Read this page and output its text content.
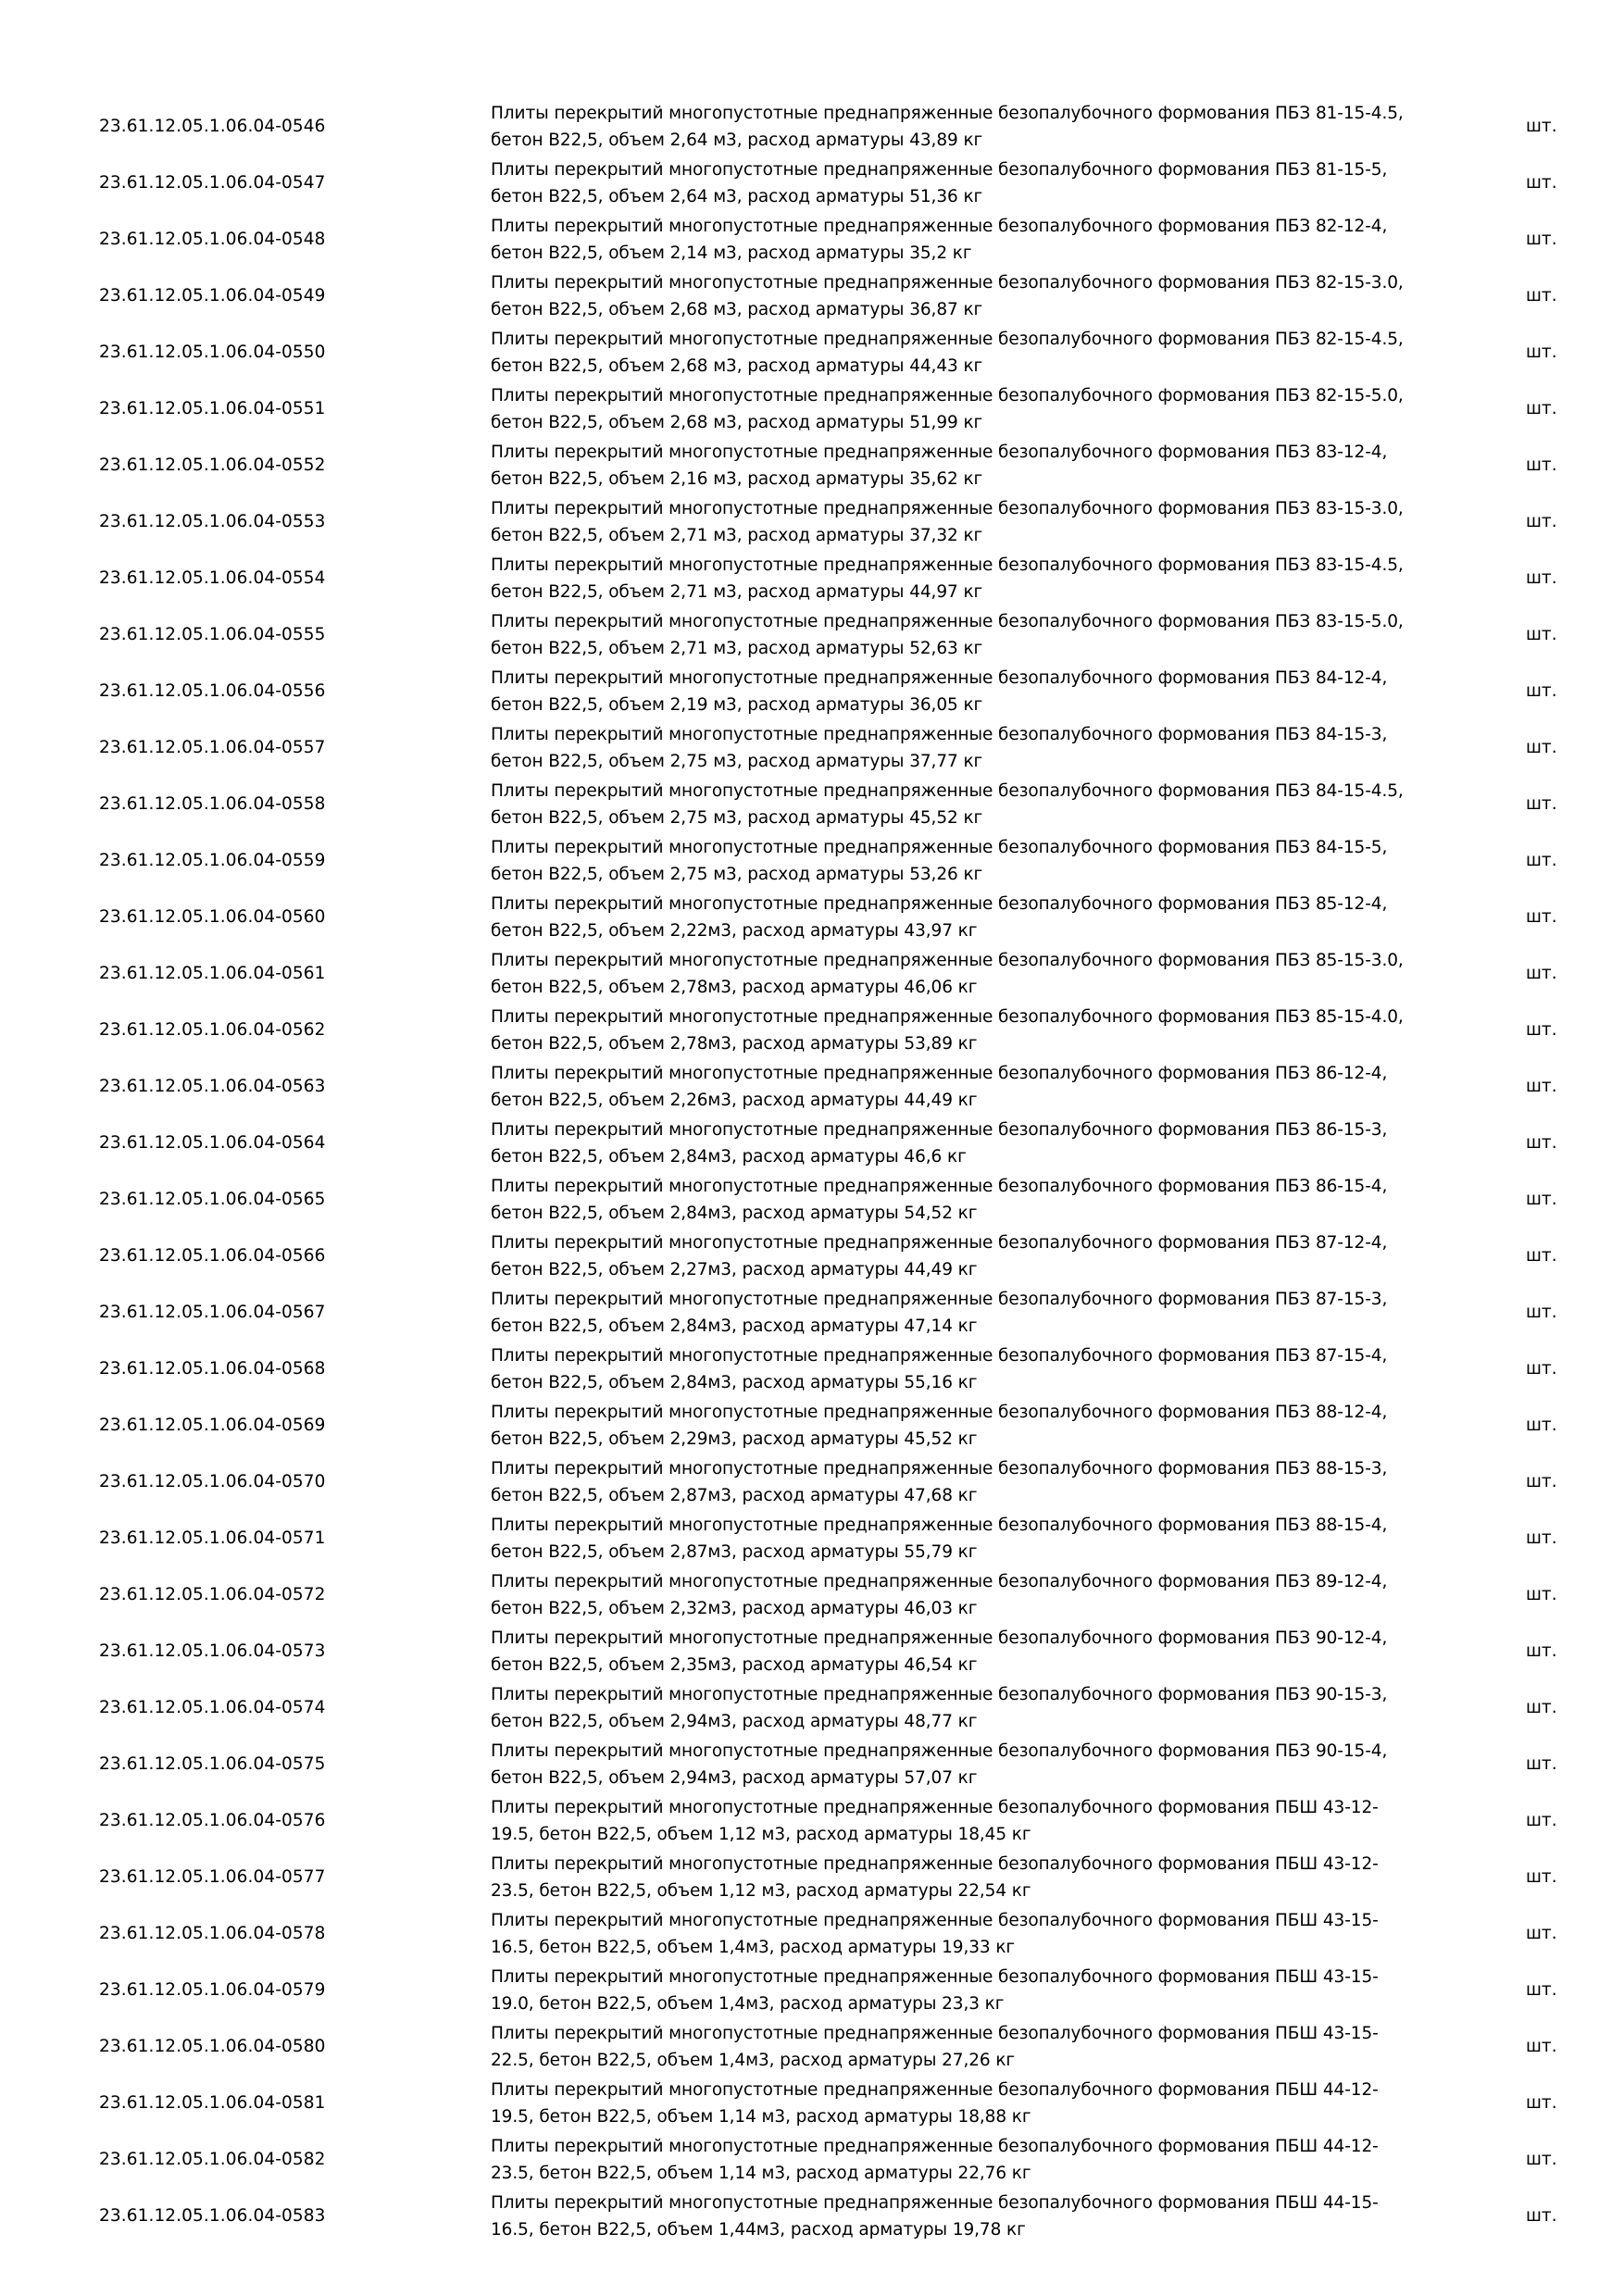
23.61.12.05.1.06.04-0546
Плиты перекрытий многопустотные преднапряженные безопалубочного формования ПБЗ 81-15-4.5,
бетон В22,5, объем 2,64 м3, расход арматуры 43,89 кг
шт.
23.61.12.05.1.06.04-0547
Плиты перекрытий многопустотные преднапряженные безопалубочного формования ПБЗ 81-15-5,
бетон В22,5, объем 2,64 м3, расход арматуры 51,36 кг
шт.
23.61.12.05.1.06.04-0548
Плиты перекрытий многопустотные преднапряженные безопалубочного формования ПБЗ 82-12-4,
бетон В22,5, объем 2,14 м3, расход арматуры 35,2 кг
шт.
23.61.12.05.1.06.04-0549
Плиты перекрытий многопустотные преднапряженные безопалубочного формования ПБЗ 82-15-3.0,
бетон В22,5, объем 2,68 м3, расход арматуры 36,87 кг
шт.
23.61.12.05.1.06.04-0550
Плиты перекрытий многопустотные преднапряженные безопалубочного формования ПБЗ 82-15-4.5,
бетон В22,5, объем 2,68 м3, расход арматуры 44,43 кг
шт.
23.61.12.05.1.06.04-0551
Плиты перекрытий многопустотные преднапряженные безопалубочного формования ПБЗ 82-15-5.0,
бетон В22,5, объем 2,68 м3, расход арматуры 51,99 кг
шт.
23.61.12.05.1.06.04-0552
Плиты перекрытий многопустотные преднапряженные безопалубочного формования ПБЗ 83-12-4,
бетон В22,5, объем 2,16 м3, расход арматуры 35,62 кг
шт.
23.61.12.05.1.06.04-0553
Плиты перекрытий многопустотные преднапряженные безопалубочного формования ПБЗ 83-15-3.0,
бетон В22,5, объем 2,71 м3, расход арматуры 37,32 кг
шт.
23.61.12.05.1.06.04-0554
Плиты перекрытий многопустотные преднапряженные безопалубочного формования ПБЗ 83-15-4.5,
бетон В22,5, объем 2,71 м3, расход арматуры 44,97 кг
шт.
23.61.12.05.1.06.04-0555
Плиты перекрытий многопустотные преднапряженные безопалубочного формования ПБЗ 83-15-5.0,
бетон В22,5, объем 2,71 м3, расход арматуры 52,63 кг
шт.
23.61.12.05.1.06.04-0556
Плиты перекрытий многопустотные преднапряженные безопалубочного формования ПБЗ 84-12-4,
бетон В22,5, объем 2,19 м3, расход арматуры 36,05 кг
шт.
23.61.12.05.1.06.04-0557
Плиты перекрытий многопустотные преднапряженные безопалубочного формования ПБЗ 84-15-3,
бетон В22,5, объем 2,75 м3, расход арматуры 37,77 кг
шт.
23.61.12.05.1.06.04-0558
Плиты перекрытий многопустотные преднапряженные безопалубочного формования ПБЗ 84-15-4.5,
бетон В22,5, объем 2,75 м3, расход арматуры 45,52 кг
шт.
23.61.12.05.1.06.04-0559
Плиты перекрытий многопустотные преднапряженные безопалубочного формования ПБЗ 84-15-5,
бетон В22,5, объем 2,75 м3, расход арматуры 53,26 кг
шт.
23.61.12.05.1.06.04-0560
Плиты перекрытий многопустотные преднапряженные безопалубочного формования ПБЗ 85-12-4,
бетон В22,5, объем 2,22м3, расход арматуры 43,97 кг
шт.
23.61.12.05.1.06.04-0561
Плиты перекрытий многопустотные преднапряженные безопалубочного формования ПБЗ 85-15-3.0,
бетон В22,5, объем 2,78м3, расход арматуры 46,06 кг
шт.
23.61.12.05.1.06.04-0562
Плиты перекрытий многопустотные преднапряженные безопалубочного формования ПБЗ 85-15-4.0,
бетон В22,5, объем 2,78м3, расход арматуры 53,89 кг
шт.
23.61.12.05.1.06.04-0563
Плиты перекрытий многопустотные преднапряженные безопалубочного формования ПБЗ 86-12-4,
бетон В22,5, объем 2,26м3, расход арматуры 44,49 кг
шт.
23.61.12.05.1.06.04-0564
Плиты перекрытий многопустотные преднапряженные безопалубочного формования ПБЗ 86-15-3,
бетон В22,5, объем 2,84м3, расход арматуры 46,6 кг
шт.
23.61.12.05.1.06.04-0565
Плиты перекрытий многопустотные преднапряженные безопалубочного формования ПБЗ 86-15-4,
бетон В22,5, объем 2,84м3, расход арматуры 54,52 кг
шт.
23.61.12.05.1.06.04-0566
Плиты перекрытий многопустотные преднапряженные безопалубочного формования ПБЗ 87-12-4,
бетон В22,5, объем 2,27м3, расход арматуры 44,49 кг
шт.
23.61.12.05.1.06.04-0567
Плиты перекрытий многопустотные преднапряженные безопалубочного формования ПБЗ 87-15-3,
бетон В22,5, объем 2,84м3, расход арматуры 47,14 кг
шт.
23.61.12.05.1.06.04-0568
Плиты перекрытий многопустотные преднапряженные безопалубочного формования ПБЗ 87-15-4,
бетон В22,5, объем 2,84м3, расход арматуры 55,16 кг
шт.
23.61.12.05.1.06.04-0569
Плиты перекрытий многопустотные преднапряженные безопалубочного формования ПБЗ 88-12-4,
бетон В22,5, объем 2,29м3, расход арматуры 45,52 кг
шт.
23.61.12.05.1.06.04-0570
Плиты перекрытий многопустотные преднапряженные безопалубочного формования ПБЗ 88-15-3,
бетон В22,5, объем 2,87м3, расход арматуры 47,68 кг
шт.
23.61.12.05.1.06.04-0571
Плиты перекрытий многопустотные преднапряженные безопалубочного формования ПБЗ 88-15-4,
бетон В22,5, объем 2,87м3, расход арматуры 55,79 кг
шт.
23.61.12.05.1.06.04-0572
Плиты перекрытий многопустотные преднапряженные безопалубочного формования ПБЗ 89-12-4,
бетон В22,5, объем 2,32м3, расход арматуры 46,03 кг
шт.
23.61.12.05.1.06.04-0573
Плиты перекрытий многопустотные преднапряженные безопалубочного формования ПБЗ 90-12-4,
бетон В22,5, объем 2,35м3, расход арматуры 46,54 кг
шт.
23.61.12.05.1.06.04-0574
Плиты перекрытий многопустотные преднапряженные безопалубочного формования ПБЗ 90-15-3,
бетон В22,5, объем 2,94м3, расход арматуры 48,77 кг
шт.
23.61.12.05.1.06.04-0575
Плиты перекрытий многопустотные преднапряженные безопалубочного формования ПБЗ 90-15-4,
бетон В22,5, объем 2,94м3, расход арматуры 57,07 кг
шт.
23.61.12.05.1.06.04-0576
Плиты перекрытий многопустотные преднапряженные безопалубочного формования ПБШ 43-12-
19.5, бетон В22,5, объем 1,12 м3, расход арматуры 18,45 кг
шт.
23.61.12.05.1.06.04-0577
Плиты перекрытий многопустотные преднапряженные безопалубочного формования ПБШ 43-12-
23.5, бетон В22,5, объем 1,12 м3, расход арматуры 22,54 кг
шт.
23.61.12.05.1.06.04-0578
Плиты перекрытий многопустотные преднапряженные безопалубочного формования ПБШ 43-15-
16.5, бетон В22,5, объем 1,4м3, расход арматуры 19,33 кг
шт.
23.61.12.05.1.06.04-0579
Плиты перекрытий многопустотные преднапряженные безопалубочного формования ПБШ 43-15-
19.0, бетон В22,5, объем 1,4м3, расход арматуры 23,3 кг
шт.
23.61.12.05.1.06.04-0580
Плиты перекрытий многопустотные преднапряженные безопалубочного формования ПБШ 43-15-
22.5, бетон В22,5, объем 1,4м3, расход арматуры 27,26 кг
шт.
23.61.12.05.1.06.04-0581
Плиты перекрытий многопустотные преднапряженные безопалубочного формования ПБШ 44-12-
19.5, бетон В22,5, объем 1,14 м3, расход арматуры 18,88 кг
шт.
23.61.12.05.1.06.04-0582
Плиты перекрытий многопустотные преднапряженные безопалубочного формования ПБШ 44-12-
23.5, бетон В22,5, объем 1,14 м3, расход арматуры 22,76 кг
шт.
23.61.12.05.1.06.04-0583
Плиты перекрытий многопустотные преднапряженные безопалубочного формования ПБШ 44-15-
16.5, бетон В22,5, объем 1,44м3, расход арматуры 19,78 кг
шт.
